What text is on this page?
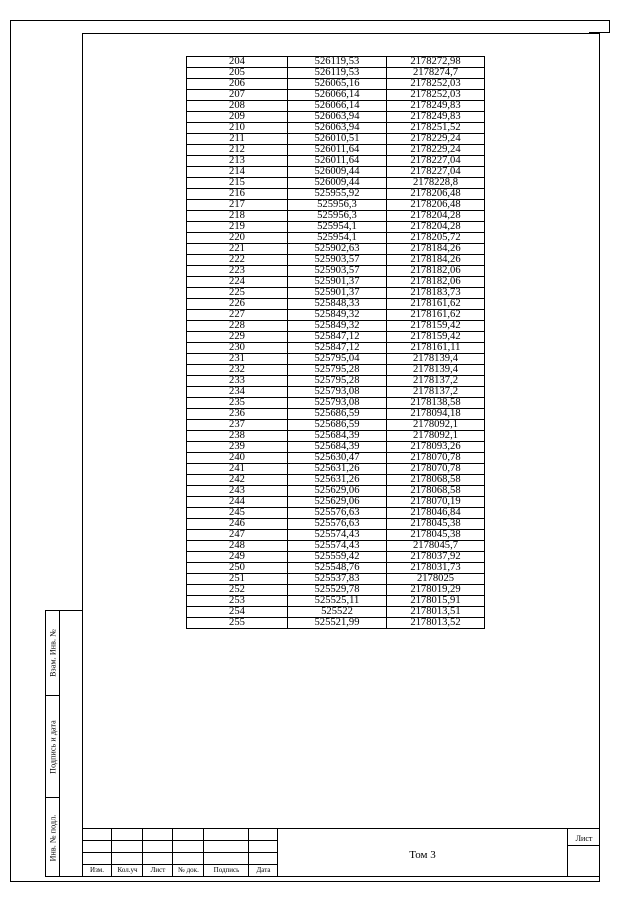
Взам. Инв. №
Подпись и дата
Инв. № подл.
204	526119,53	2178272,98
205	526119,53	2178274,7
206	526065,16	2178252,03
207	526066,14	2178252,03
208	526066,14	2178249,83
209	526063,94	2178249,83
210	526063,94	2178251,52
211	526010,51	2178229,24
212	526011,64	2178229,24
213	526011,64	2178227,04
214	526009,44	2178227,04
215	526009,44	2178228,8
216	525955,92	2178206,48
217	525956,3	2178206,48
218	525956,3	2178204,28
219	525954,1	2178204,28
220	525954,1	2178205,72
221	525902,63	2178184,26
222	525903,57	2178184,26
223	525903,57	2178182,06
224	525901,37	2178182,06
225	525901,37	2178183,73
226	525848,33	2178161,62
227	525849,32	2178161,62
228	525849,32	2178159,42
229	525847,12	2178159,42
230	525847,12	2178161,11
231	525795,04	2178139,4
232	525795,28	2178139,4
233	525795,28	2178137,2
234	525793,08	2178137,2
235	525793,08	2178138,58
236	525686,59	2178094,18
237	525686,59	2178092,1
238	525684,39	2178092,1
239	525684,39	2178093,26
240	525630,47	2178070,78
241	525631,26	2178070,78
242	525631,26	2178068,58
243	525629,06	2178068,58
244	525629,06	2178070,19
245	525576,63	2178046,84
246	525576,63	2178045,38
247	525574,43	2178045,38
248	525574,43	2178045,7
249	525559,42	2178037,92
250	525548,76	2178031,73
251	525537,83	2178025
252	525529,78	2178019,29
253	525525,11	2178015,91
254	525522	2178013,51
255	525521,99	2178013,52
Изм.	Кол.уч	Лист	№ док.	Подпись	Дата
Том 3
Лист
